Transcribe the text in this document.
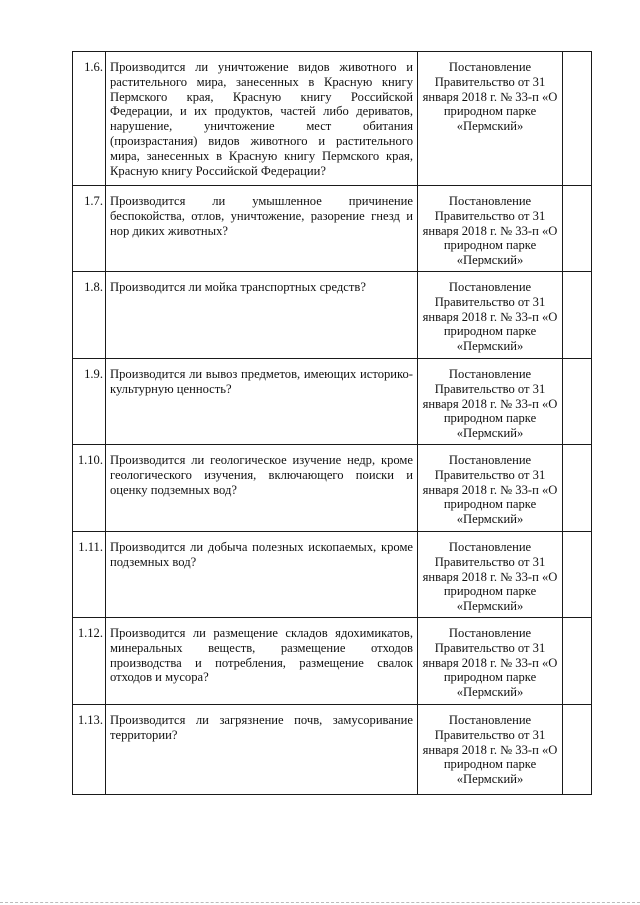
1.6.	Производится ли уничтожение видов животного и растительного мира, занесенных в Красную книгу Пермского края, Красную книгу Российской Федерации, и их продуктов, частей либо дериватов, нарушение, уничтожение мест обитания (произрастания) видов животного и растительного мира, занесенных в Красную книгу Пермского края, Красную книгу Российской Федерации?	Постановление Правительство от 31 января 2018 г. № 33-п «О природном парке «Пермский»	
1.7.	Производится ли умышленное причинение беспокойства, отлов, уничтожение, разорение гнезд и нор диких животных?	Постановление Правительство от 31 января 2018 г. № 33-п «О природном парке «Пермский»	
1.8.	Производится ли мойка транспортных средств?	Постановление Правительство от 31 января 2018 г. № 33-п «О природном парке «Пермский»	
1.9.	Производится ли вывоз предметов, имеющих историко-культурную ценность?	Постановление Правительство от 31 января 2018 г. № 33-п «О природном парке «Пермский»	
1.10.	Производится ли геологическое изучение недр, кроме геологического изучения, включающего поиски и оценку подземных вод?	Постановление Правительство от 31 января 2018 г. № 33-п «О природном парке «Пермский»	
1.11.	Производится ли добыча полезных ископаемых, кроме подземных вод?	Постановление Правительство от 31 января 2018 г. № 33-п «О природном парке «Пермский»	
1.12.	Производится ли размещение складов ядохимикатов, минеральных веществ, размещение отходов производства и потребления, размещение свалок отходов и мусора?	Постановление Правительство от 31 января 2018 г. № 33-п «О природном парке «Пермский»	
1.13.	Производится ли загрязнение почв, замусоривание территории?	Постановление Правительство от 31 января 2018 г. № 33-п «О природном парке «Пермский»	
